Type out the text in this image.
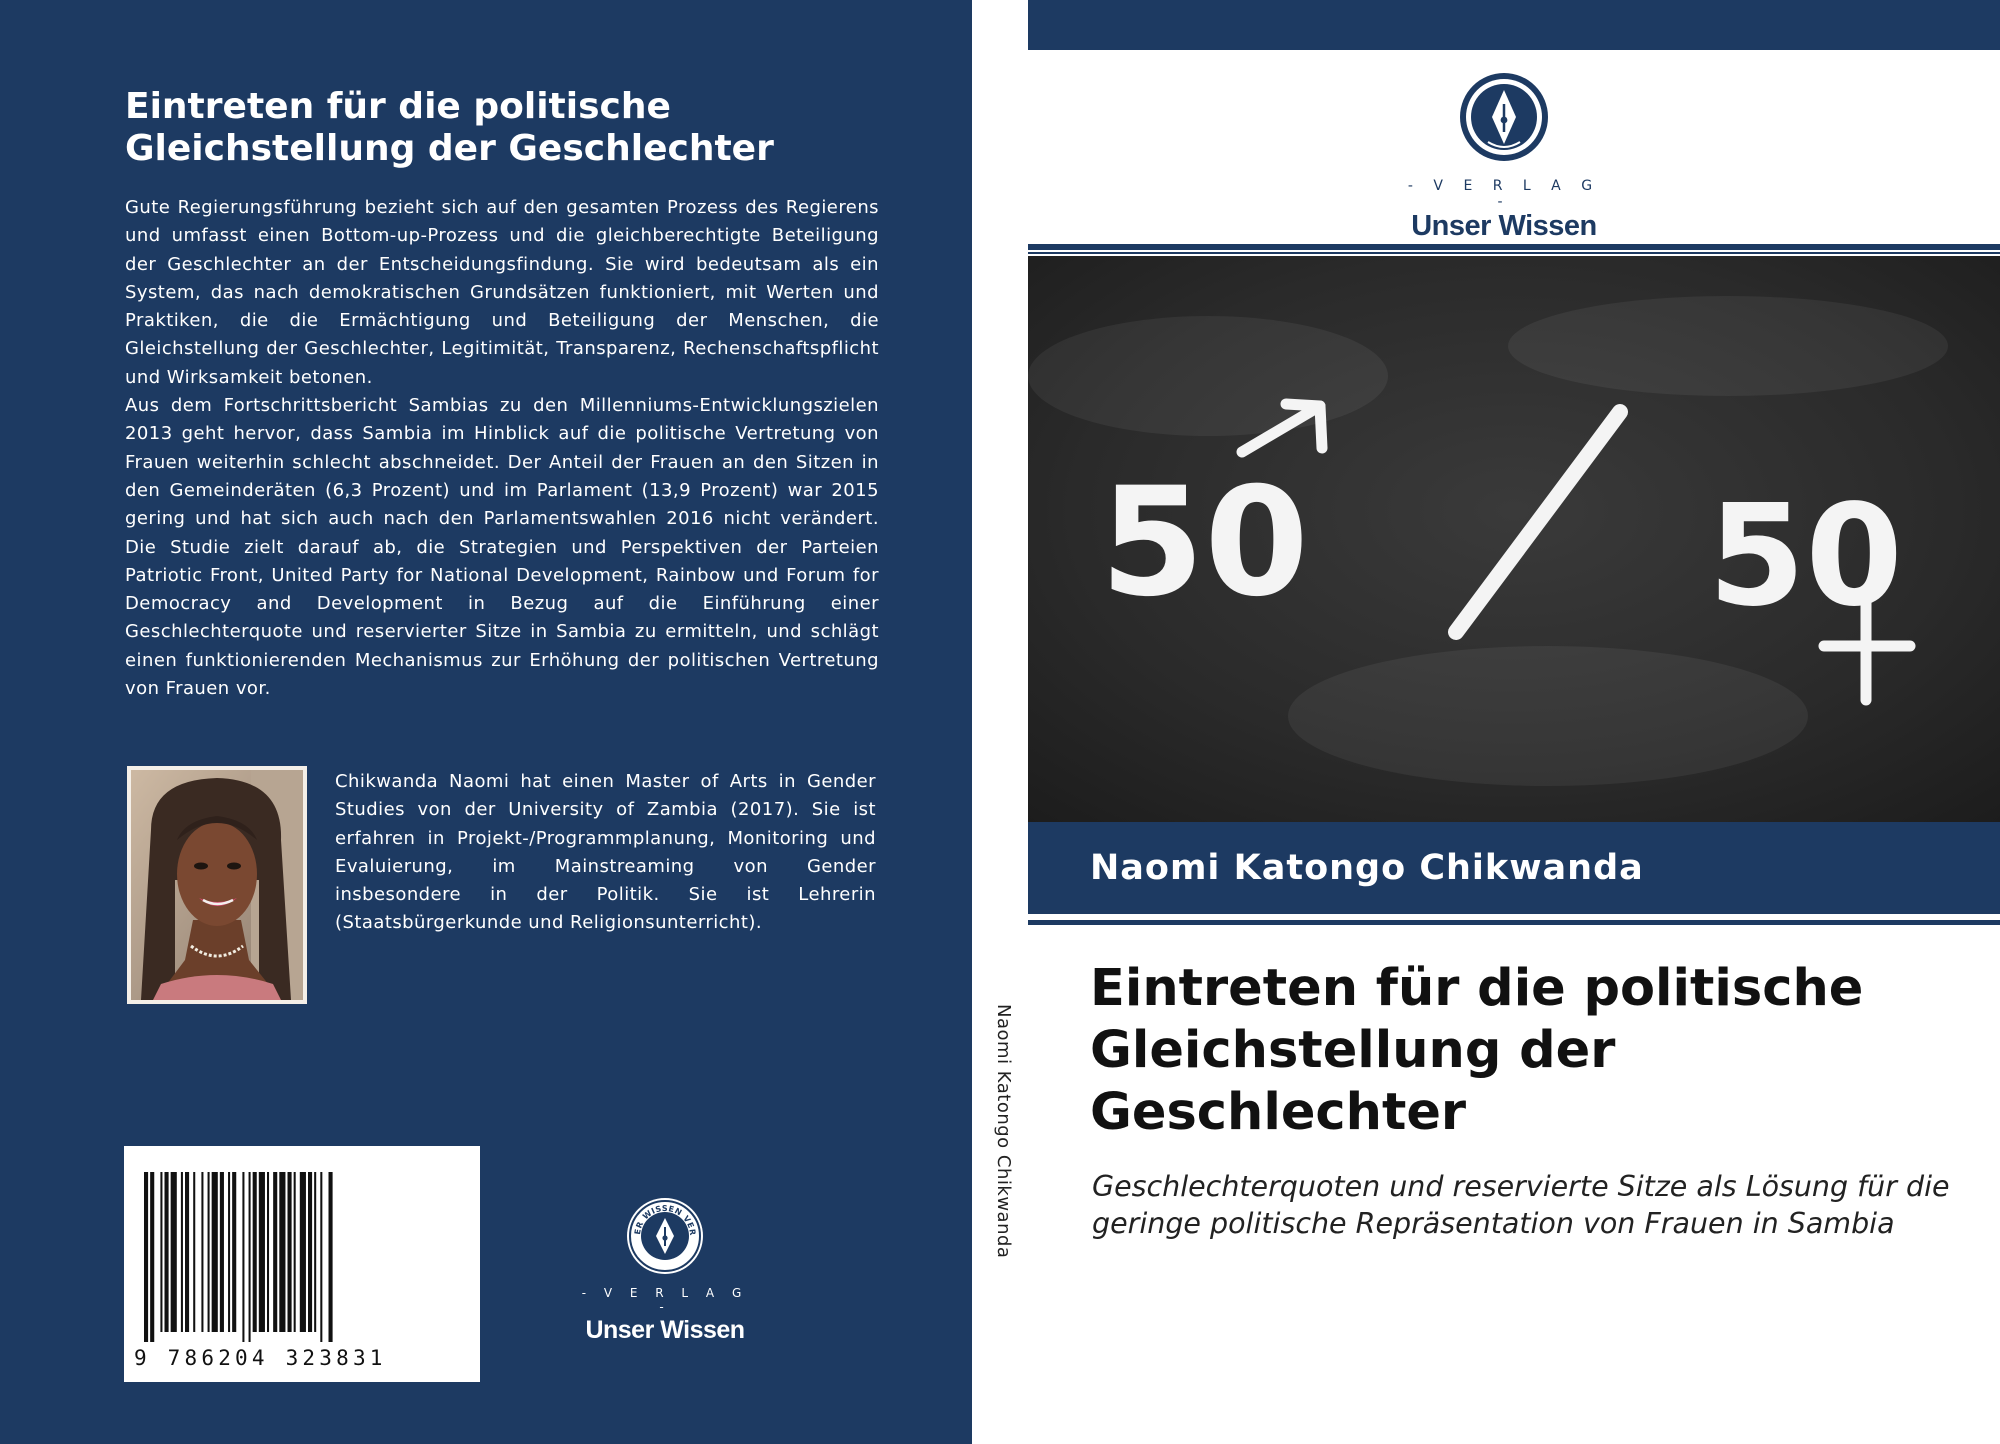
Eintreten für die politische Gleichstellung der Geschlechter

Gute Regierungsführung bezieht sich auf den gesamten Prozess des Regierens und umfasst einen Bottom-up-Prozess und die gleichberechtigte Beteiligung der Geschlechter an der Entscheidungsfindung. Sie wird bedeutsam als ein System, das nach demokratischen Grundsätzen funktioniert, mit Werten und Praktiken, die die Ermächtigung und Beteiligung der Menschen, die Gleichstellung der Geschlechter, Legitimität, Transparenz, Rechenschaftspflicht und Wirksamkeit betonen.

Aus dem Fortschrittsbericht Sambias zu den Millenniums-Entwicklungszielen 2013 geht hervor, dass Sambia im Hinblick auf die politische Vertretung von Frauen weiterhin schlecht abschneidet. Der Anteil der Frauen an den Sitzen in den Gemeinderäten (6,3 Prozent) und im Parlament (13,9 Prozent) war 2015 gering und hat sich auch nach den Parlamentswahlen 2016 nicht verändert. Die Studie zielt darauf ab, die Strategien und Perspektiven der Parteien Patriotic Front, United Party for National Development, Rainbow und Forum for Democracy and Development in Bezug auf die Einführung einer Geschlechterquote und reservierter Sitze in Sambia zu ermitteln, und schlägt einen funktionierenden Mechanismus zur Erhöhung der politischen Vertretung von Frauen vor.

Chikwanda Naomi hat einen Master of Arts in Gender Studies von der University of Zambia (2017). Sie ist erfahren in Projekt-/Programmplanung, Monitoring und Evaluierung, im Mainstreaming von Gender insbesondere in der Politik. Sie ist Lehrerin (Staatsbürgerkunde und Religionsunterricht).

9 786204 323831
ER WISSEN VER
- V E R L A G -
Unser Wissen
Naomi Katongo Chikwanda
- V E R L A G -
Unser Wissen
50	50
Naomi Katongo Chikwanda
Eintreten für die politische Gleichstellung der Geschlechter

Geschlechterquoten und reservierte Sitze als Lösung für die geringe politische Repräsentation von Frauen in Sambia
